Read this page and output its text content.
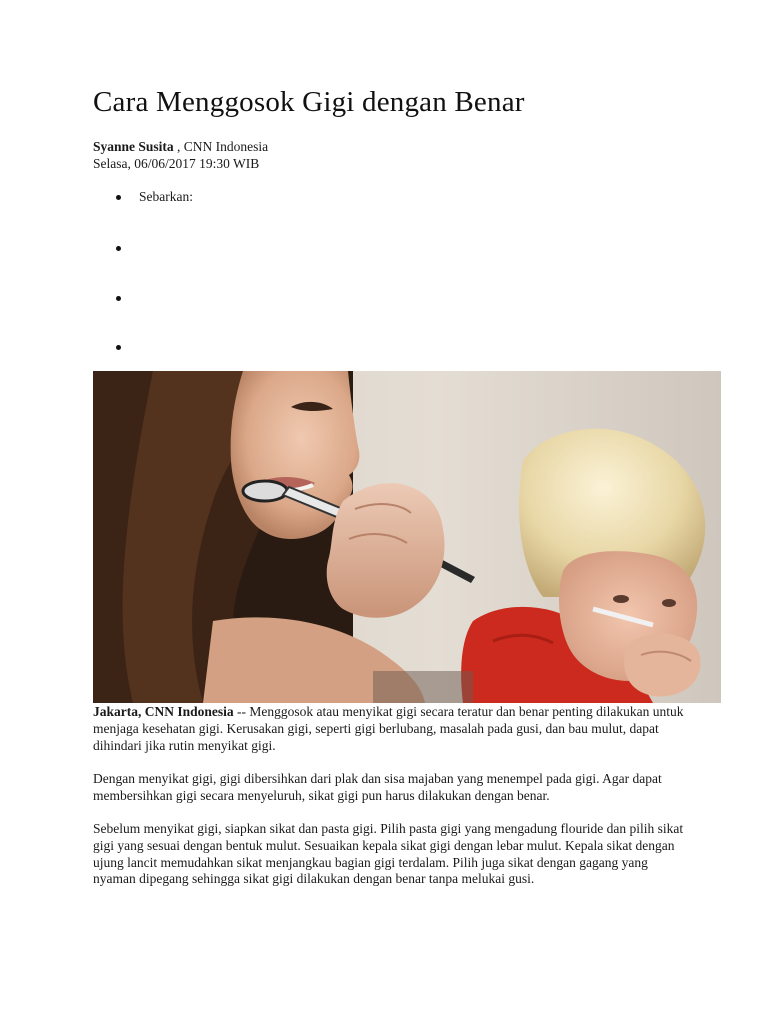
Cara Menggosok Gigi dengan Benar
Syanne Susita , CNN Indonesia
Selasa, 06/06/2017 19:30 WIB
Sebarkan:

Jakarta, CNN Indonesia -- Menggosok atau menyikat gigi secara teratur dan benar penting dilakukan untuk menjaga kesehatan gigi. Kerusakan gigi, seperti gigi berlubang, masalah pada gusi, dan bau mulut, dapat dihindari jika rutin menyikat gigi.

Dengan menyikat gigi, gigi dibersihkan dari plak dan sisa majaban yang menempel pada gigi. Agar dapat membersihkan gigi secara menyeluruh, sikat gigi pun harus dilakukan dengan benar.

Sebelum menyikat gigi, siapkan sikat dan pasta gigi. Pilih pasta gigi yang mengadung flouride dan pilih sikat gigi yang sesuai dengan bentuk mulut. Sesuaikan kepala sikat gigi dengan lebar mulut. Kepala sikat dengan ujung lancit memudahkan sikat menjangkau bagian gigi terdalam. Pilih juga sikat dengan gagang yang nyaman dipegang sehingga sikat gigi dilakukan dengan benar tanpa melukai gusi.
